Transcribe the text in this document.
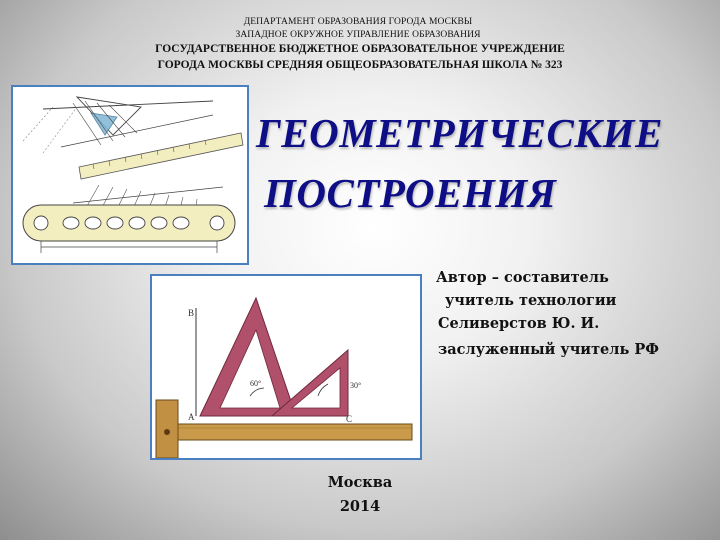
ДЕПАРТАМЕНТ ОБРАЗОВАНИЯ ГОРОДА МОСКВЫ
ЗАПАДНОЕ ОКРУЖНОЕ УПРАВЛЕНИЕ ОБРАЗОВАНИЯ
ГОСУДАРСТВЕННОЕ БЮДЖЕТНОЕ ОБРАЗОВАТЕЛЬНОЕ УЧРЕЖДЕНИЕ
ГОРОДА МОСКВЫ СРЕДНЯЯ ОБЩЕОБРАЗОВАТЕЛЬНАЯ ШКОЛА № 323
ГЕОМЕТРИЧЕСКИЕ
ПОСТРОЕНИЯ
B
A	C
60°	30°
Автор – составитель
учитель технологии
Селиверстов Ю. И.
заслуженный учитель РФ
Москва
2014
